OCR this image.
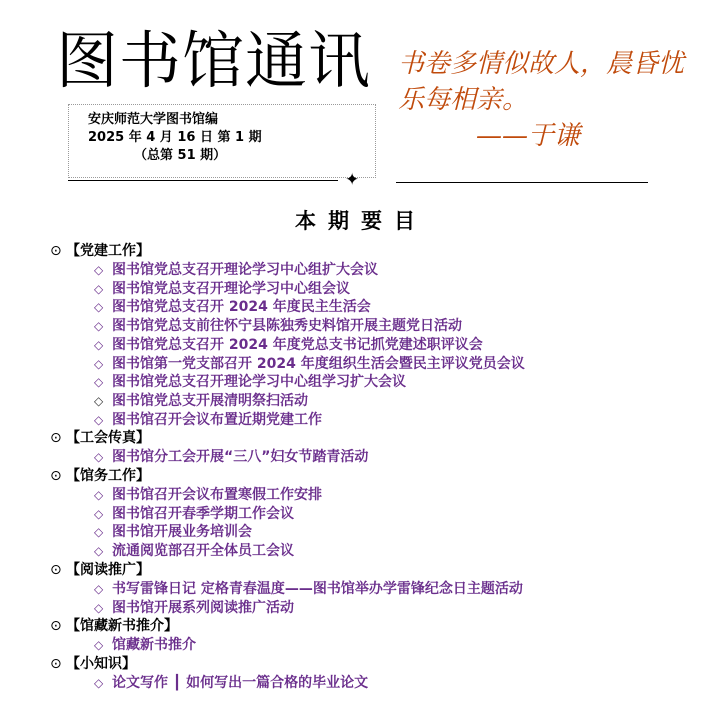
图书馆通讯
安庆师范大学图书馆编
2025 年 4 月 16 日 第 1 期
（总第 51 期）
✦
书卷多情似故人，晨昏忧
乐每相亲。

——于谦
本期要目
⊙ 【党建工作】
◇ 图书馆党总支召开理论学习中心组扩大会议
◇ 图书馆党总支召开理论学习中心组会议
◇ 图书馆党总支召开 2024 年度民主生活会
◇ 图书馆党总支前往怀宁县陈独秀史料馆开展主题党日活动
◇ 图书馆党总支召开 2024 年度党总支书记抓党建述职评议会
◇ 图书馆第一党支部召开 2024 年度组织生活会暨民主评议党员会议
◇ 图书馆党总支召开理论学习中心组学习扩大会议
◇ 图书馆党总支开展清明祭扫活动
◇ 图书馆召开会议布置近期党建工作
⊙ 【工会传真】
◇ 图书馆分工会开展“三八”妇女节踏青活动
⊙ 【馆务工作】
◇ 图书馆召开会议布置寒假工作安排
◇ 图书馆召开春季学期工作会议
◇ 图书馆开展业务培训会
◇ 流通阅览部召开全体员工会议
⊙ 【阅读推广】
◇ 书写雷锋日记 定格青春温度——图书馆举办学雷锋纪念日主题活动
◇ 图书馆开展系列阅读推广活动
⊙ 【馆藏新书推介】
◇ 馆藏新书推介
⊙ 【小知识】
◇ 论文写作 ┃ 如何写出一篇合格的毕业论文
